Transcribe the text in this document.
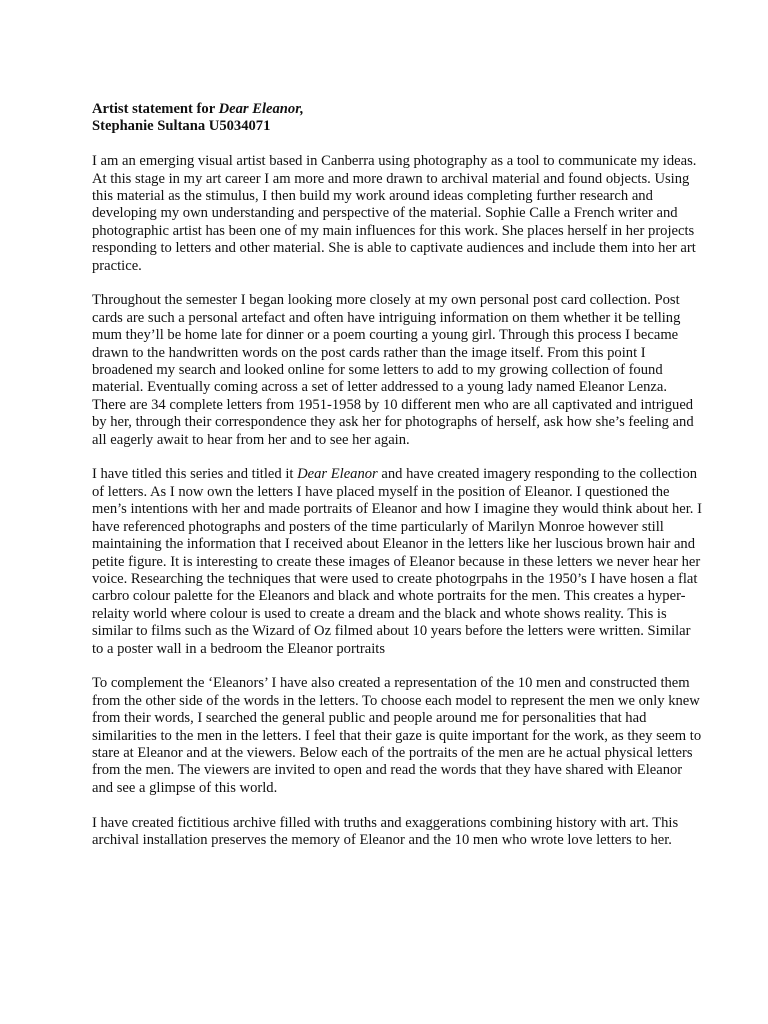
Artist statement for Dear Eleanor,

Stephanie Sultana U5034071

I am an emerging visual artist based in Canberra using photography as a tool to communicate my ideas. At this stage in my art career I am more and more drawn to archival material and found objects. Using this material as the stimulus, I then build my work around ideas completing further research and developing my own understanding and perspective of the material. Sophie Calle a French writer and photographic artist has been one of my main influences for this work. She places herself in her projects responding to letters and other material. She is able to captivate audiences and include them into her art practice.

Throughout the semester I began looking more closely at my own personal post card collection. Post cards are such a personal artefact and often have intriguing information on them whether it be telling mum they’ll be home late for dinner or a poem courting a young girl. Through this process I became drawn to the handwritten words on the post cards rather than the image itself. From this point I broadened my search and looked online for some letters to add to my growing collection of found material. Eventually coming across a set of letter addressed to a young lady named Eleanor Lenza. There are 34 complete letters from 1951-1958 by 10 different men who are all captivated and intrigued by her, through their correspondence they ask her for photographs of herself, ask how she’s feeling and all eagerly await to hear from her and to see her again.

I have titled this series and titled it Dear Eleanor and have created imagery responding to the collection of letters. As I now own the letters I have placed myself in the position of Eleanor. I questioned the men’s intentions with her and made portraits of Eleanor and how I imagine they would think about her. I have referenced photographs and posters of the time particularly of Marilyn Monroe however still maintaining the information that I received about Eleanor in the letters like her luscious brown hair and petite figure. It is interesting to create these images of Eleanor because in these letters we never hear her voice. Researching the techniques that were used to create photogrpahs in the 1950’s I have hosen a flat carbro colour palette for the Eleanors and black and whote portraits for the men. This creates a hyper-relaity world where colour is used to create a dream and the black and whote shows reality. This is similar to films such as the Wizard of Oz filmed about 10 years before the letters were written. Similar to a poster wall in a bedroom the Eleanor portraits

To complement the ‘Eleanors’ I have also created a representation of the 10 men and constructed them from the other side of the words in the letters. To choose each model to represent the men we only knew from their words, I searched the general public and people around me for personalities that had similarities to the men in the letters. I feel that their gaze is quite important for the work, as they seem to stare at Eleanor and at the viewers. Below each of the portraits of the men are he actual physical letters from the men. The viewers are invited to open and read the words that they have shared with Eleanor and see a glimpse of this world.

I have created fictitious archive filled with truths and exaggerations combining history with art. This archival installation preserves the memory of Eleanor and the 10 men who wrote love letters to her.
